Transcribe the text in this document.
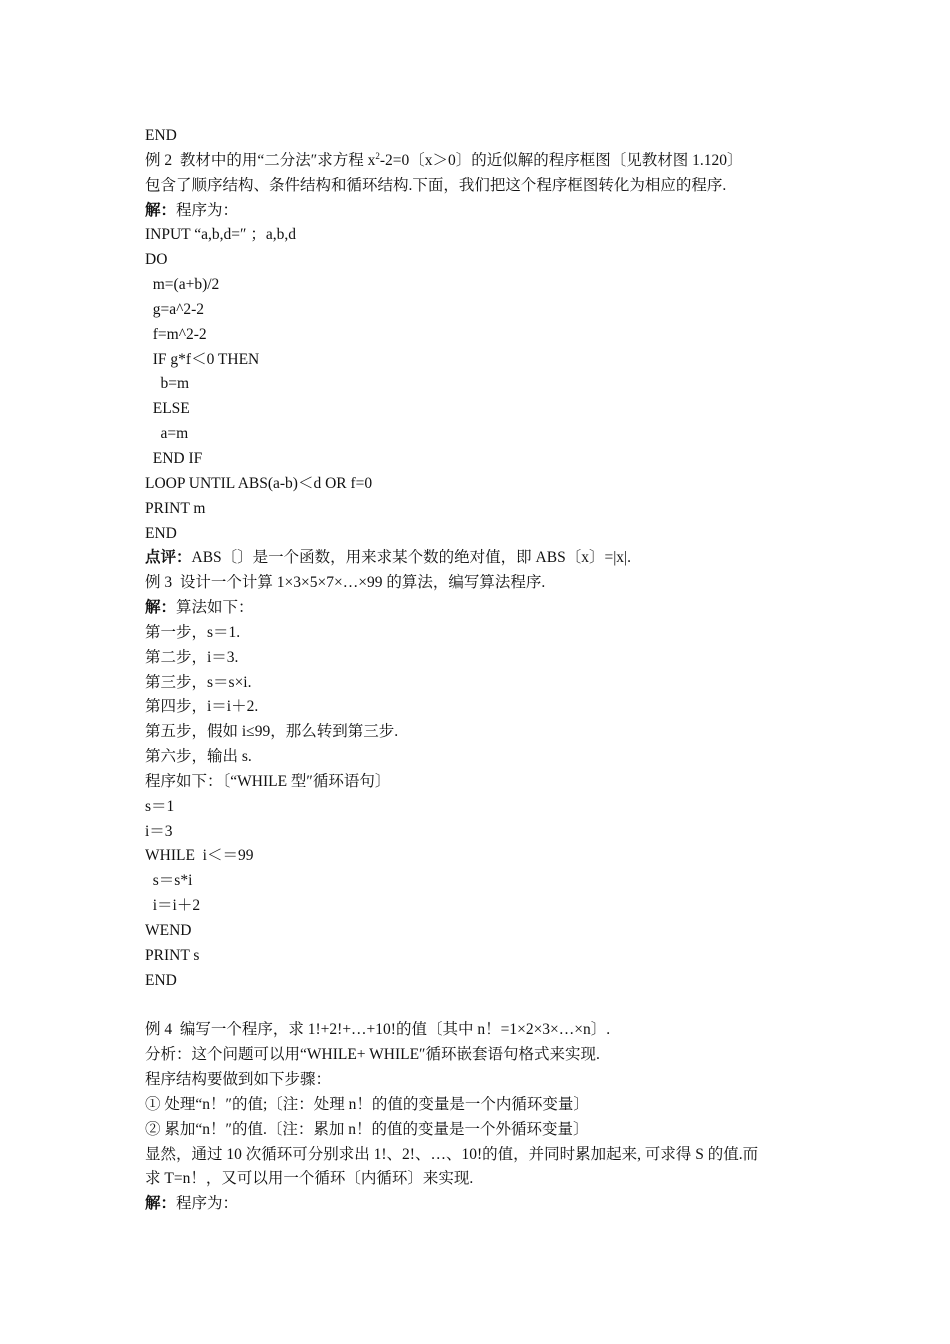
END
例 2  教材中的用“二分法″求方程 $x^2-2=0$〔x＞0〕的近似解的程序框图〔见教材图 1.120〕
包含了顺序结构、条件结构和循环结构.下面，我们把这个程序框图转化为相应的程序.
解：程序为：
INPUT “a,b,d=″ ；a,b,d
DO
m=(a+b)/2
g=a^2-2
f=m^2-2
IF g*f＜0 THEN
b=m
ELSE
a=m
END IF
LOOP UNTIL ABS(a-b)＜d OR f=0
PRINT m
END
点评：ABS〔〕是一个函数，用来求某个数的绝对值，即 ABS〔x〕=|x|.
例 3  设计一个计算 1×3×5×7×…×99 的算法，编写算法程序.
解：算法如下：
第一步，s＝1.
第二步，i＝3.
第三步，s＝s×i.
第四步，i＝i＋2.
第五步，假如 i≤99，那么转到第三步.
第六步，输出 s.
程序如下：〔“WHILE 型″循环语句〕
s＝1
i＝3
WHILE  i＜＝99
s＝s*i
i＝i＋2
WEND
PRINT s
END
例 4  编写一个程序，求 1!+2!+…+10!的值〔其中 n！=1×2×3×…×n〕.
分析：这个问题可以用“WHILE+ WHILE″循环嵌套语句格式来实现.
程序结构要做到如下步骤：
① 处理“n！″的值;〔注：处理 n！的值的变量是一个内循环变量〕
② 累加“n！″的值.〔注：累加 n！的值的变量是一个外循环变量〕
显然，通过 10 次循环可分别求出 1!、2!、…、10!的值，并同时累加起来, 可求得 S 的值.而
求 T=n！，又可以用一个循环〔内循环〕来实现.
解：程序为：
